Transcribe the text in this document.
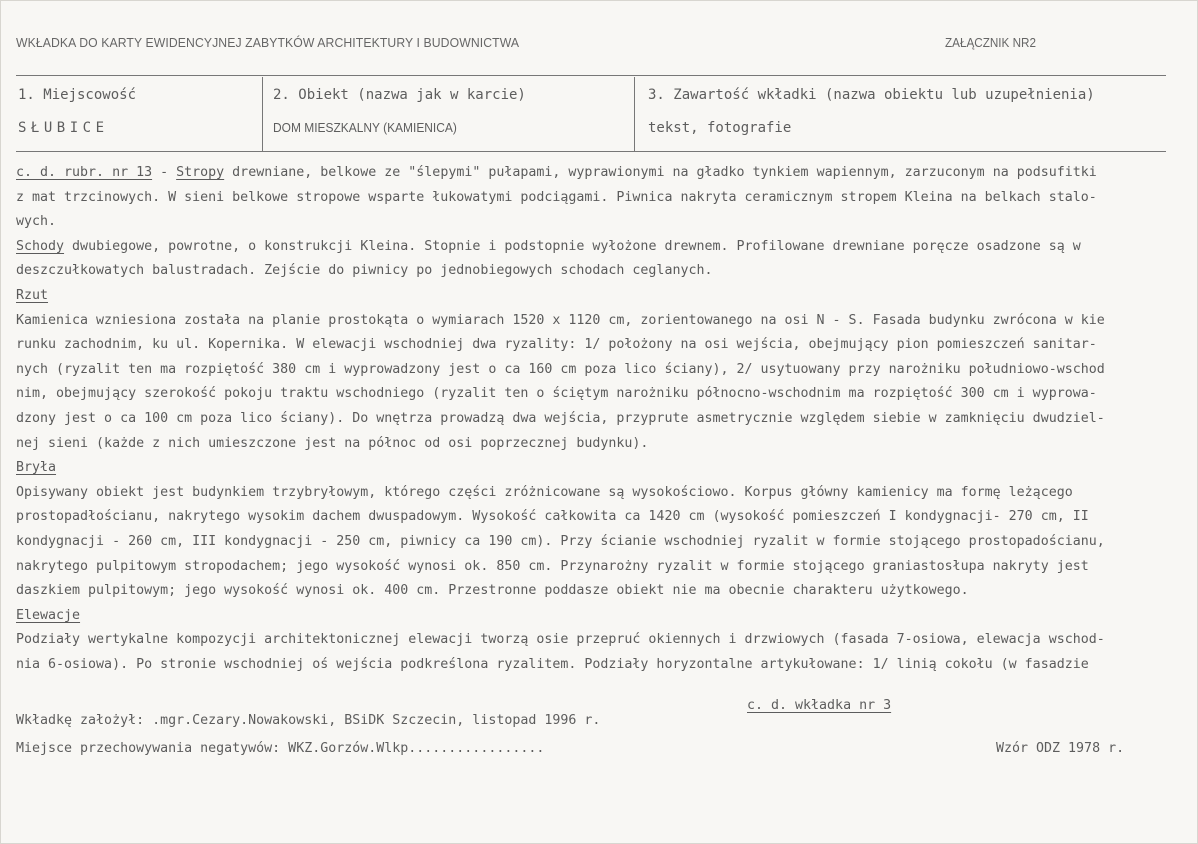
WKŁADKA DO KARTY EWIDENCYJNEJ ZABYTKÓW ARCHITEKTURY I BUDOWNICTWA	ZAŁĄCZNIK NR2
1. Miejscowość
SŁUBICE
2. Obiekt (nazwa jak w karcie)
DOM MIESZKALNY (KAMIENICA)
3. Zawartość wkładki (nazwa obiektu lub uzupełnienia)
tekst, fotografie
c. d. rubr. nr 13 - Stropy drewniane, belkowe ze "ślepymi" pułapami, wyprawionymi na gładko tynkiem wapiennym, zarzuconym na podsufitki
z mat trzcinowych. W sieni belkowe stropowe wsparte łukowatymi podciągami. Piwnica nakryta ceramicznym stropem Kleina na belkach stalo-
wych.
Schody dwubiegowe, powrotne, o konstrukcji Kleina. Stopnie i podstopnie wyłożone drewnem. Profilowane drewniane poręcze osadzone są w
deszczułkowatych balustradach. Zejście do piwnicy po jednobiegowych schodach ceglanych.
Rzut
Kamienica wzniesiona została na planie prostokąta o wymiarach 1520 x 1120 cm, zorientowanego na osi N - S. Fasada budynku zwrócona w kie
runku zachodnim, ku ul. Kopernika. W elewacji wschodniej dwa ryzality: 1/ położony na osi wejścia, obejmujący pion pomieszczeń sanitar-
nych (ryzalit ten ma rozpiętość 380 cm i wyprowadzony jest o ca 160 cm poza lico ściany), 2/ usytuowany przy narożniku południowo-wschod
nim, obejmujący szerokość pokoju traktu wschodniego (ryzalit ten o ściętym narożniku północno-wschodnim ma rozpiętość 300 cm i wyprowa-
dzony jest o ca 100 cm poza lico ściany). Do wnętrza prowadzą dwa wejścia, przyprute asmetrycznie względem siebie w zamknięciu dwudziel-
nej sieni (każde z nich umieszczone jest na północ od osi poprzecznej budynku).
Bryła
Opisywany obiekt jest budynkiem trzybryłowym, którego części zróżnicowane są wysokościowo. Korpus główny kamienicy ma formę leżącego
prostopadłościanu, nakrytego wysokim dachem dwuspadowym. Wysokość całkowita ca 1420 cm (wysokość pomieszczeń I kondygnacji- 270 cm, II
kondygnacji - 260 cm, III kondygnacji - 250 cm, piwnicy ca 190 cm). Przy ścianie wschodniej ryzalit w formie stojącego prostopadościanu,
nakrytego pulpitowym stropodachem; jego wysokość wynosi ok. 850 cm. Przynarożny ryzalit w formie stojącego graniastosłupa nakryty jest
daszkiem pulpitowym; jego wysokość wynosi ok. 400 cm. Przestronne poddasze obiekt nie ma obecnie charakteru użytkowego.
Elewacje
Podziały wertykalne kompozycji architektonicznej elewacji tworzą osie przepruć okiennych i drzwiowych (fasada 7-osiowa, elewacja wschod-
nia 6-osiowa). Po stronie wschodniej oś wejścia podkreślona ryzalitem. Podziały horyzontalne artykułowane: 1/ linią cokołu (w fasadzie
c. d. wkładka nr 3
Wkładkę założył: .mgr.Cezary.Nowakowski, BSiDK Szczecin, listopad 1996 r.
Miejsce przechowywania negatywów: WKZ.Gorzów.Wlkp.................	Wzór ODZ 1978 r.
